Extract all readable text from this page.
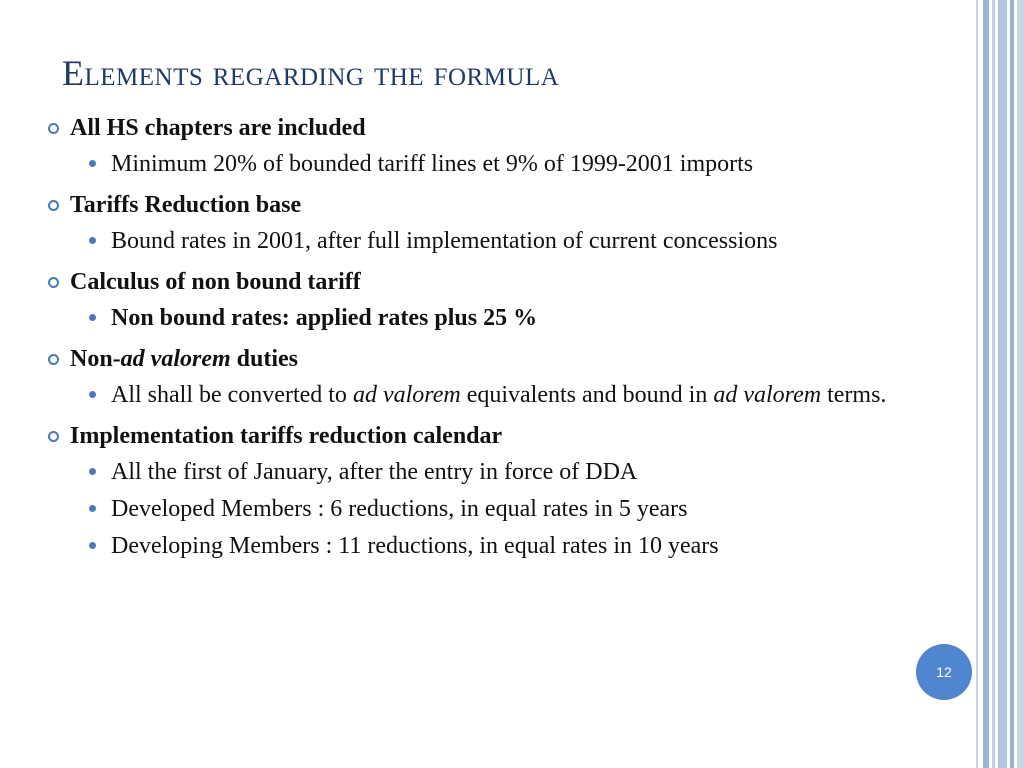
Elements regarding the formula
All HS chapters are included
Minimum 20% of bounded tariff lines et 9% of 1999-2001 imports
Tariffs Reduction base
Bound rates in 2001, after full implementation of current concessions
Calculus of non bound tariff
Non bound rates: applied rates plus 25 %
Non-ad valorem duties
All shall be converted to ad valorem equivalents and bound in ad valorem terms.
Implementation tariffs reduction calendar
All the first of January, after the entry in force of DDA
Developed Members : 6 reductions, in equal rates in 5 years
Developing Members : 11 reductions, in equal rates in 10 years
12
